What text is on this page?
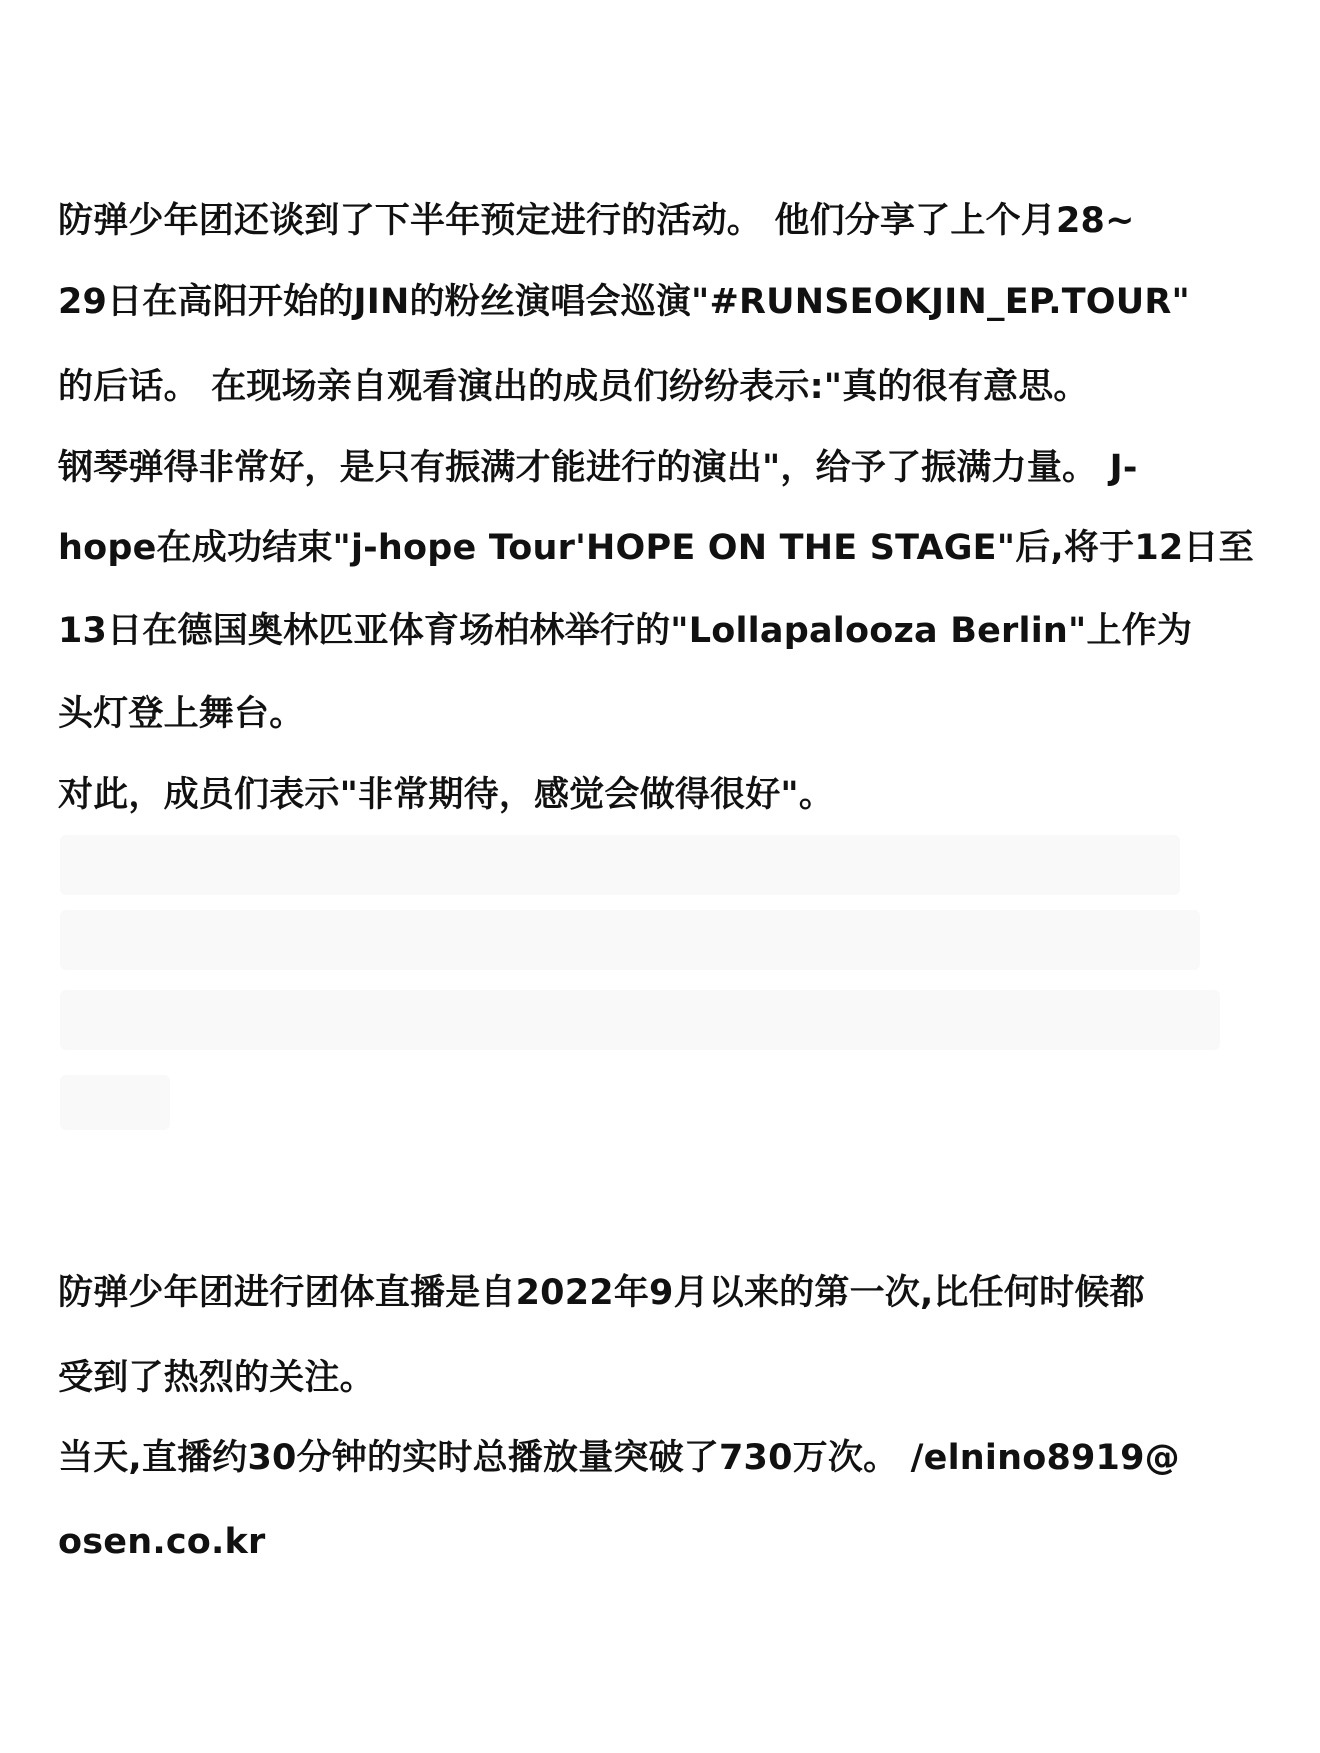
防弹少年团还谈到了下半年预定进行的活动。 他们分享了上个月28~
29日在高阳开始的JIN的粉丝演唱会巡演"#RUNSEOKJIN_EP.TOUR"
的后话。 在现场亲自观看演出的成员们纷纷表示:"真的很有意思。
钢琴弹得非常好，是只有振满才能进行的演出"，给予了振满力量。 J-
hope在成功结束"j-hope Tour'HOPE ON THE STAGE"后,将于12日至
13日在德国奥林匹亚体育场柏林举行的"Lollapalooza Berlin"上作为
头灯登上舞台。
对此，成员们表示"非常期待，感觉会做得很好"。
防弹少年团进行团体直播是自2022年9月以来的第一次,比任何时候都
受到了热烈的关注。
当天,直播约30分钟的实时总播放量突破了730万次。 /elnino8919@
osen.co.kr
